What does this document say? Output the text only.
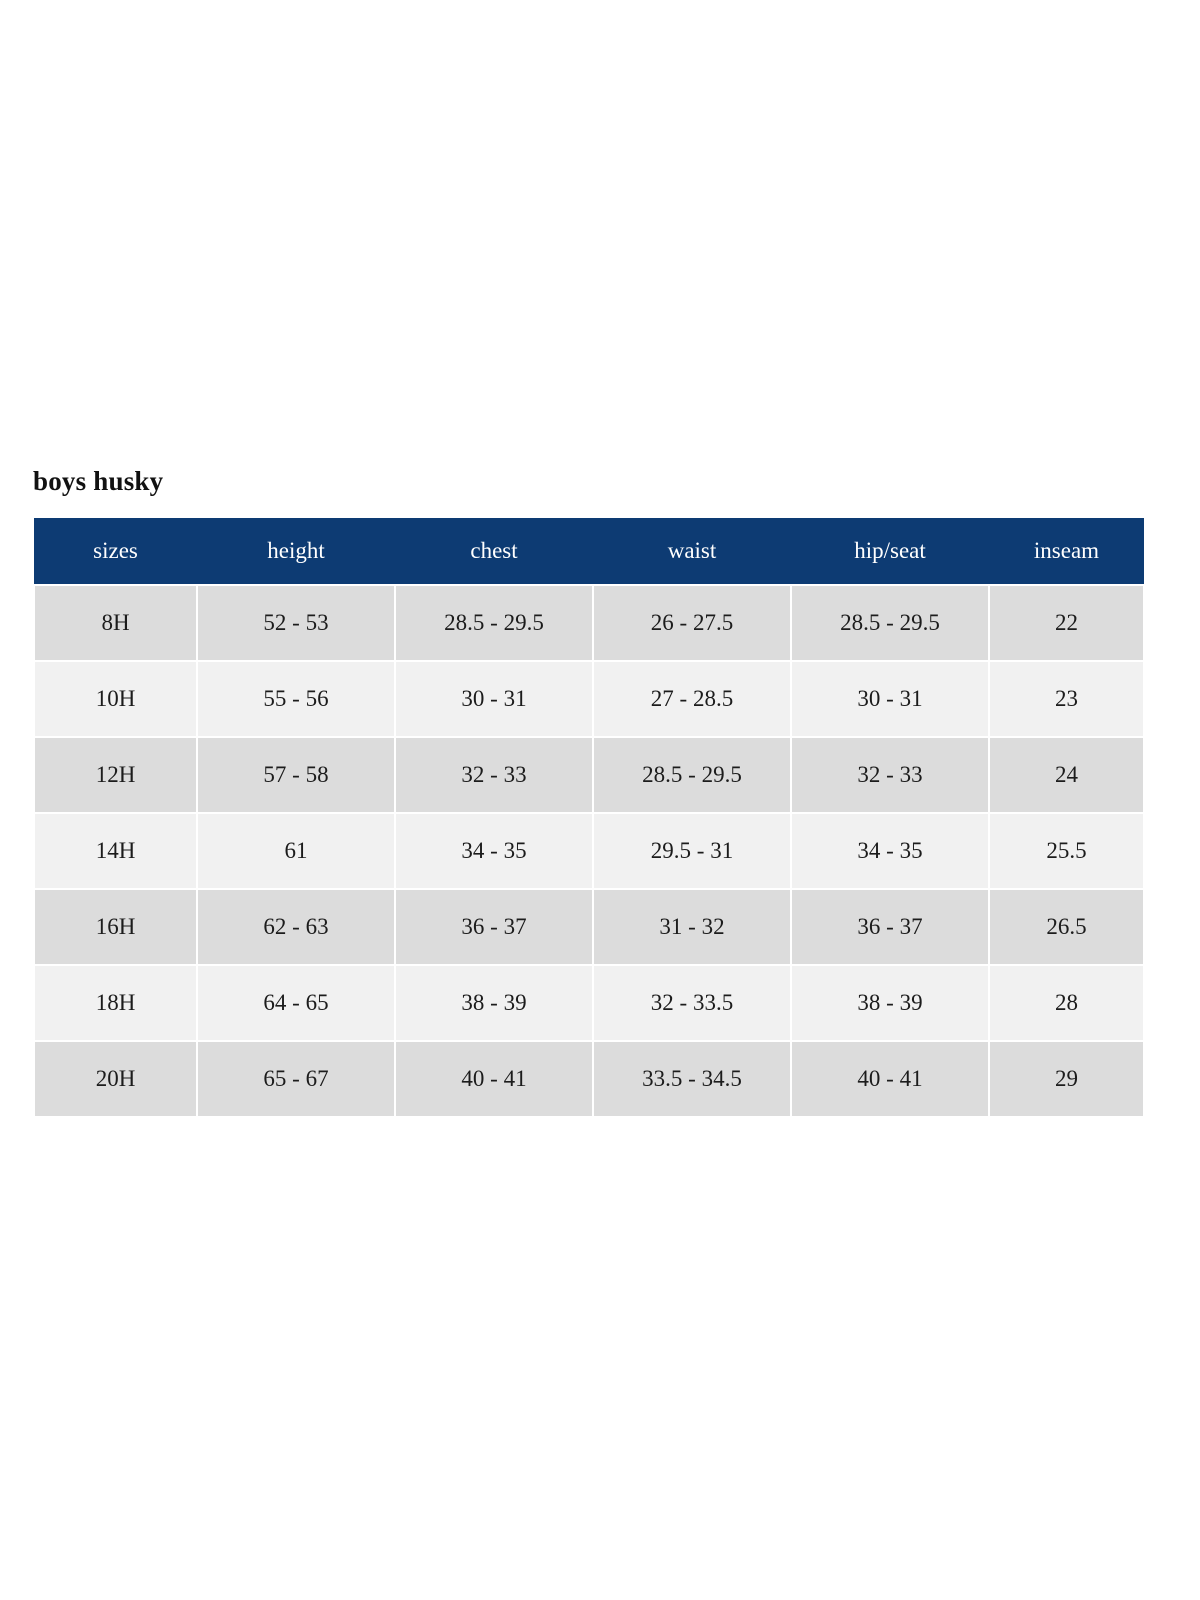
boys husky
sizes	height	chest	waist	hip/seat	inseam
8H	52 - 53	28.5 - 29.5	26 - 27.5	28.5 - 29.5	22
10H	55 - 56	30 - 31	27 - 28.5	30 - 31	23
12H	57 - 58	32 - 33	28.5 - 29.5	32 - 33	24
14H	61	34 - 35	29.5 - 31	34 - 35	25.5
16H	62 - 63	36 - 37	31 - 32	36 - 37	26.5
18H	64 - 65	38 - 39	32 - 33.5	38 - 39	28
20H	65 - 67	40 - 41	33.5 - 34.5	40 - 41	29
